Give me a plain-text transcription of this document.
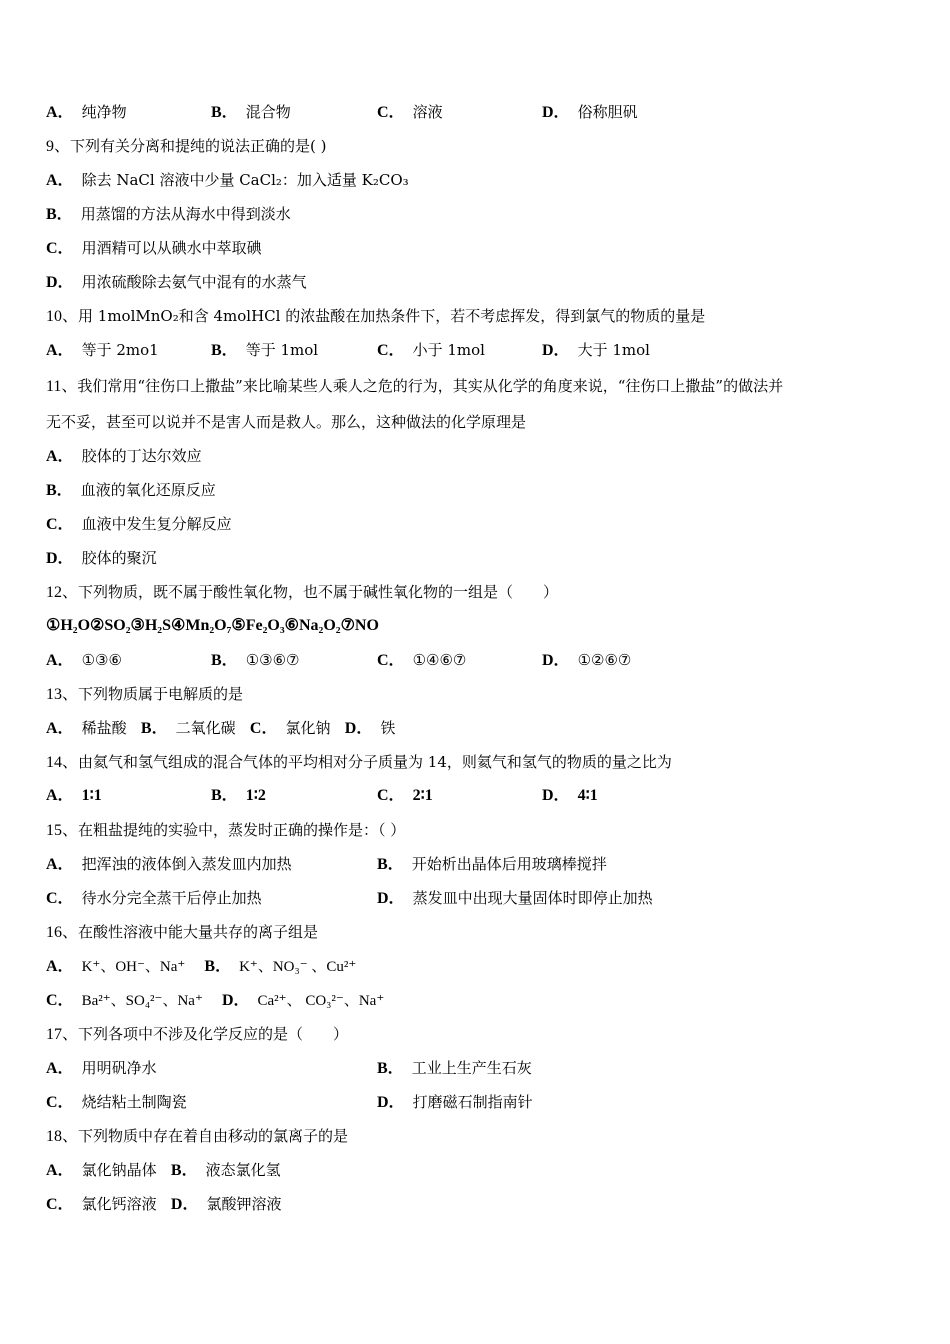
A． 纯净物	B． 混合物	C． 溶液	D． 俗称胆矾
9、下列有关分离和提纯的说法正确的是( )
A． 除去 NaCl 溶液中少量 CaCl₂：加入适量 K₂CO₃
B． 用蒸馏的方法从海水中得到淡水
C． 用酒精可以从碘水中萃取碘
D． 用浓硫酸除去氨气中混有的水蒸气
10、用 1molMnO₂和含 4molHCl 的浓盐酸在加热条件下，若不考虑挥发，得到氯气的物质的量是
A． 等于 2mo1	B． 等于 1mol	C． 小于 1mol	D． 大于 1mol
11、我们常用“往伤口上撒盐”来比喻某些人乘人之危的行为，其实从化学的角度来说，“往伤口上撒盐”的做法并
无不妥，甚至可以说并不是害人而是救人。那么，这种做法的化学原理是
A． 胶体的丁达尔效应
B． 血液的氧化还原反应
C． 血液中发生复分解反应
D． 胶体的聚沉
12、下列物质，既不属于酸性氧化物，也不属于碱性氧化物的一组是（　　）
①H₂O②SO₂③H₂S④Mn₂O₇⑤Fe₂O₃⑥Na₂O₂⑦NO
A． ①③⑥	B． ①③⑥⑦	C． ①④⑥⑦	D． ①②⑥⑦
13、下列物质属于电解质的是
A． 稀盐酸 B． 二氧化碳 C． 氯化钠 D． 铁
14、由氦气和氢气组成的混合气体的平均相对分子质量为 14，则氦气和氢气的物质的量之比为
A． 1∶1	B． 1∶2	C． 2∶1	D． 4∶1
15、在粗盐提纯的实验中，蒸发时正确的操作是：（ ）
A． 把浑浊的液体倒入蒸发皿内加热	B． 开始析出晶体后用玻璃棒搅拌
C． 待水分完全蒸干后停止加热	D． 蒸发皿中出现大量固体时即停止加热
16、在酸性溶液中能大量共存的离子组是
A． K⁺、OH⁻、Na⁺ B． K⁺、NO₃⁻ 、Cu²⁺
C． Ba²⁺、SO₄²⁻、Na⁺ D． Ca²⁺、 CO₃²⁻、Na⁺
17、下列各项中不涉及化学反应的是（　　）
A． 用明矾净水	B． 工业上生产生石灰
C． 烧结粘土制陶瓷	D． 打磨磁石制指南针
18、下列物质中存在着自由移动的氯离子的是
A． 氯化钠晶体 B． 液态氯化氢
C． 氯化钙溶液 D． 氯酸钾溶液
